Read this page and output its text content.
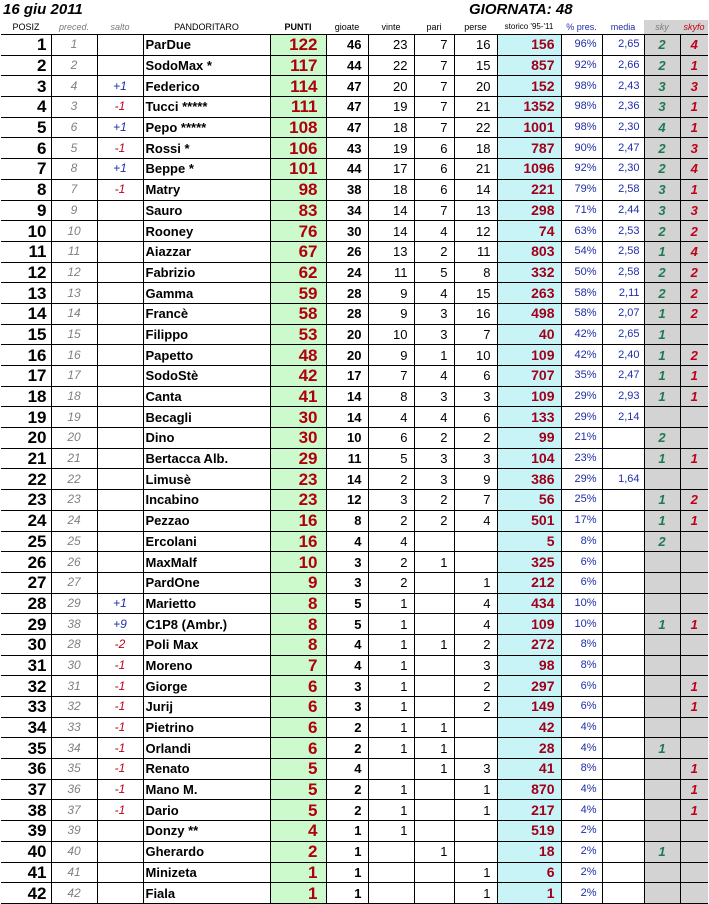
16 giu 2011	GIORNATA: 48
POSIZ	preced.	salto	PANDORITARO	PUNTI	gioate	vinte	pari	perse	storico '95-'11	% pres.	media	sky	skyfo
1	1		ParDue	122	46	23	7	16	156	96%	2,65	2	4
2	2		SodoMax *	117	44	22	7	15	857	92%	2,66	2	1
3	4	+1	Federico	114	47	20	7	20	152	98%	2,43	3	3
4	3	-1	Tucci *****	111	47	19	7	21	1352	98%	2,36	3	1
5	6	+1	Pepo *****	108	47	18	7	22	1001	98%	2,30	4	1
6	5	-1	Rossi *	106	43	19	6	18	787	90%	2,47	2	3
7	8	+1	Beppe *	101	44	17	6	21	1096	92%	2,30	2	4
8	7	-1	Matry	98	38	18	6	14	221	79%	2,58	3	1
9	9		Sauro	83	34	14	7	13	298	71%	2,44	3	3
10	10		Rooney	76	30	14	4	12	74	63%	2,53	2	2
11	11		Aiazzar	67	26	13	2	11	803	54%	2,58	1	4
12	12		Fabrizio	62	24	11	5	8	332	50%	2,58	2	2
13	13		Gamma	59	28	9	4	15	263	58%	2,11	2	2
14	14		Francè	58	28	9	3	16	498	58%	2,07	1	2
15	15		Filippo	53	20	10	3	7	40	42%	2,65	1	
16	16		Papetto	48	20	9	1	10	109	42%	2,40	1	2
17	17		SodoStè	42	17	7	4	6	707	35%	2,47	1	1
18	18		Canta	41	14	8	3	3	109	29%	2,93	1	1
19	19		Becagli	30	14	4	4	6	133	29%	2,14		
20	20		Dino	30	10	6	2	2	99	21%		2	
21	21		Bertacca Alb.	29	11	5	3	3	104	23%		1	1
22	22		Limusè	23	14	2	3	9	386	29%	1,64		
23	23		Incabino	23	12	3	2	7	56	25%		1	2
24	24		Pezzao	16	8	2	2	4	501	17%		1	1
25	25		Ercolani	16	4	4			5	8%		2	
26	26		MaxMalf	10	3	2	1		325	6%			
27	27		PardOne	9	3	2		1	212	6%			
28	29	+1	Marietto	8	5	1		4	434	10%			
29	38	+9	C1P8 (Ambr.)	8	5	1		4	109	10%		1	1
30	28	-2	Poli Max	8	4	1	1	2	272	8%			
31	30	-1	Moreno	7	4	1		3	98	8%			
32	31	-1	Giorge	6	3	1		2	297	6%			1
33	32	-1	Jurij	6	3	1		2	149	6%			1
34	33	-1	Pietrino	6	2	1	1		42	4%			
35	34	-1	Orlandi	6	2	1	1		28	4%		1	
36	35	-1	Renato	5	4		1	3	41	8%			1
37	36	-1	Mano M.	5	2	1		1	870	4%			1
38	37	-1	Dario	5	2	1		1	217	4%			1
39	39		Donzy **	4	1	1			519	2%			
40	40		Gherardo	2	1		1		18	2%		1	
41	41		Minizeta	1	1			1	6	2%			
42	42		Fiala	1	1			1	1	2%			
